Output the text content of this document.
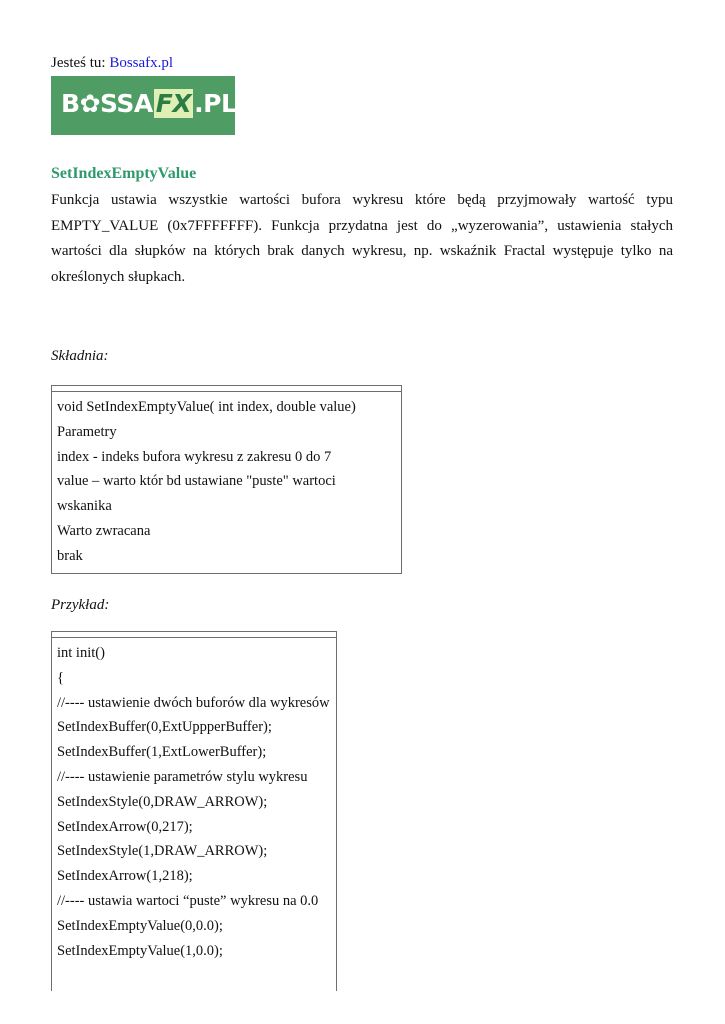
Jesteś tu: Bossafx.pl
B✿SSA FX .PL
SetIndexEmptyValue
Funkcja ustawia wszystkie wartości bufora wykresu które będą przyjmowały wartość typu EMPTY_VALUE (0x7FFFFFFF). Funkcja przydatna jest do „wyzerowania”, ustawienia stałych wartości dla słupków na których brak danych wykresu, np. wskaźnik Fractal występuje tylko na określonych słupkach.
Składnia:
void SetIndexEmptyValue( int index, double value)
Parametry
index - indeks bufora wykresu z zakresu 0 do 7
value – warto któr bd ustawiane "puste" wartoci
wskanika
Warto zwracana
brak
Przykład:
int init()
{
//---- ustawienie dwóch buforów dla wykresów
SetIndexBuffer(0,ExtUppperBuffer);
SetIndexBuffer(1,ExtLowerBuffer);
//---- ustawienie parametrów stylu wykresu
SetIndexStyle(0,DRAW_ARROW);
SetIndexArrow(0,217);
SetIndexStyle(1,DRAW_ARROW);
SetIndexArrow(1,218);
//---- ustawia wartoci “puste” wykresu na 0.0
SetIndexEmptyValue(0,0.0);
SetIndexEmptyValue(1,0.0);
